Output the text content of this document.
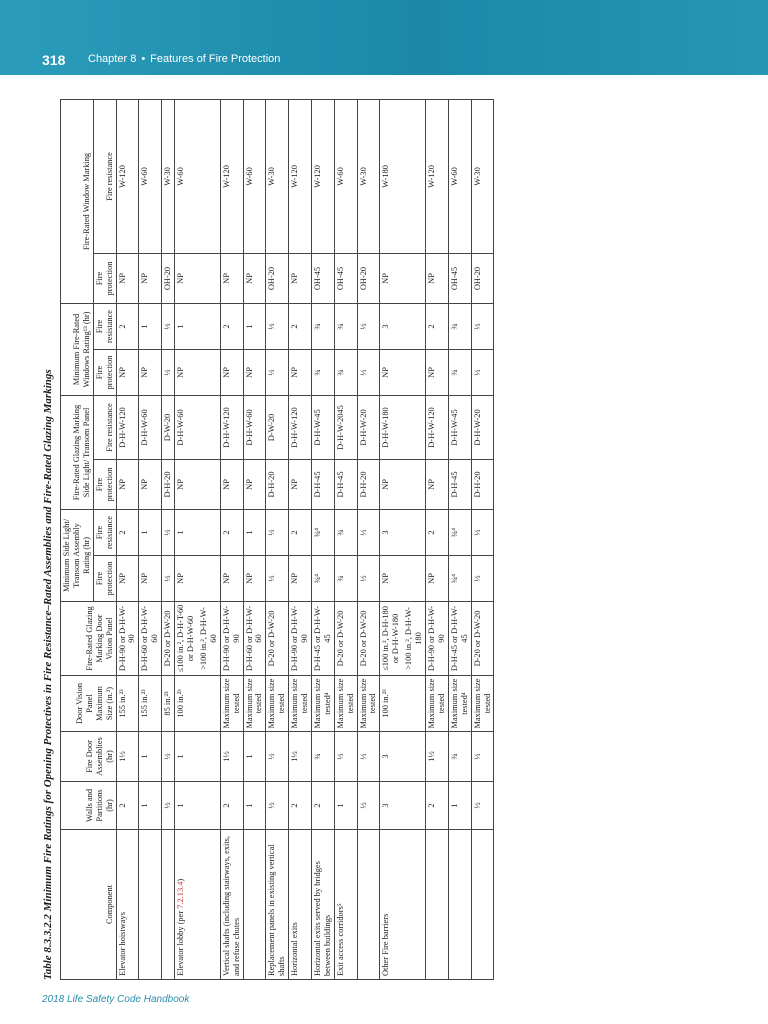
318 Chapter 8 • Features of Fire Protection
Table 8.3.3.2.2 Minimum Fire Ratings for Opening Protectives in Fire Resistance–Rated Assemblies and Fire-Rated Glazing Markings	Component	Walls and Partitions (hr)	Fire Door Assemblies (hr)	Door Vision Panel Maximum Size (in.²)	Fire-Rated Glazing Marking Door Vision Panel	Minimum Side Light/ Transom Assembly Rating (hr)		Fire-Rated Glazing Marking Side Light/ Transom Panel		Minimum Fire-Rated Windows Rating¹³ (hr)		Fire-Rated Window Marking	
					Fire protection	Fire resistance	Fire protection	Fire resistance	Fire protection	Fire resistance	Fire protection	Fire resistance
Elevator hoistways	2	1½	155 in.²³	D-H-90 or D-H-W-90	NP	2	NP	D-H-W-120	NP	2	NP	W-120

	1	1	155 in.²³	D-H-60 or D-H-W-60	NP	1	NP	D-H-W-60	NP	1	NP	W-60

	½	½	85 in.²³	D-20 or D-W-20	⅓	⅓	D-H-20	D-W-20	⅓	⅓	OH-20	W-30

Elevator lobby (per 7.2.13.4)	1	1	100 in.²³	≤100 in.², D-H-T-60 or D-H-W-60 >100 in.², D-H-W-60	NP	1	NP	D-H-W-60	NP	1	NP	W-60

Vertical shafts (including stairways, exits, and refuse chutes	2	1½	Maximum size tested	D-H-90 or D-H-W-90	NP	2	NP	D-H-W-120	NP	2	NP	W-120

	1	1	Maximum size tested	D-H-60 or D-H-W-60	NP	1	NP	D-H-W-60	NP	1	NP	W-60

Replacement panels in existing vertical shafts	½	½	Maximum size tested	D-20 or D-W-20	⅓	⅓	D-H-20	D-W-20	⅓	⅓	OH-20	W-30

Horizontal exits	2	1½	Maximum size tested	D-H-90 or D-H-W-90	NP	2	NP	D-H-W-120	NP	2	NP	W-120

Horizontal exits served by bridges between buildings	2	¾	Maximum size tested⁴	D-H-45 or D-H-W-45	¾⁴	¾⁴	D-H-45	D-H-W-45	¾	¾	OH-45	W-120

Exit access corridors⁵	1	⅓	Maximum size tested	D-20 or D-W-20	¾	¾	D-H-45	D-H-W-2045	¾	¾	OH-45	W-60

	½	⅓	Maximum size tested	D-20 or D-W-20	⅓	⅓	D-H-20	D-H-W-20	⅓	⅓	OH-20	W-30

Other Fire barriers	3	3	100 in.²³	≤100 in.², D-H-180 or D-H-W-180 >100 in.², D-H-W-180	NP	3	NP	D-H-W-180	NP	3	NP	W-180

	2	1½	Maximum size tested	D-H-90 or D-H-W-90	NP	2	NP	D-H-W-120	NP	2	NP	W-120

	1	¾	Maximum size tested⁴	D-H-45 or D-H-W-45	¾⁴	¾⁴	D-H-45	D-H-W-45	¾	¾	OH-45	W-60

	½	⅓	Maximum size tested	D-20 or D-W-20	⅓	⅓	D-H-20	D-H-W-20	⅓	⅓	OH-20	W-30
2018 Life Safety Code Handbook
